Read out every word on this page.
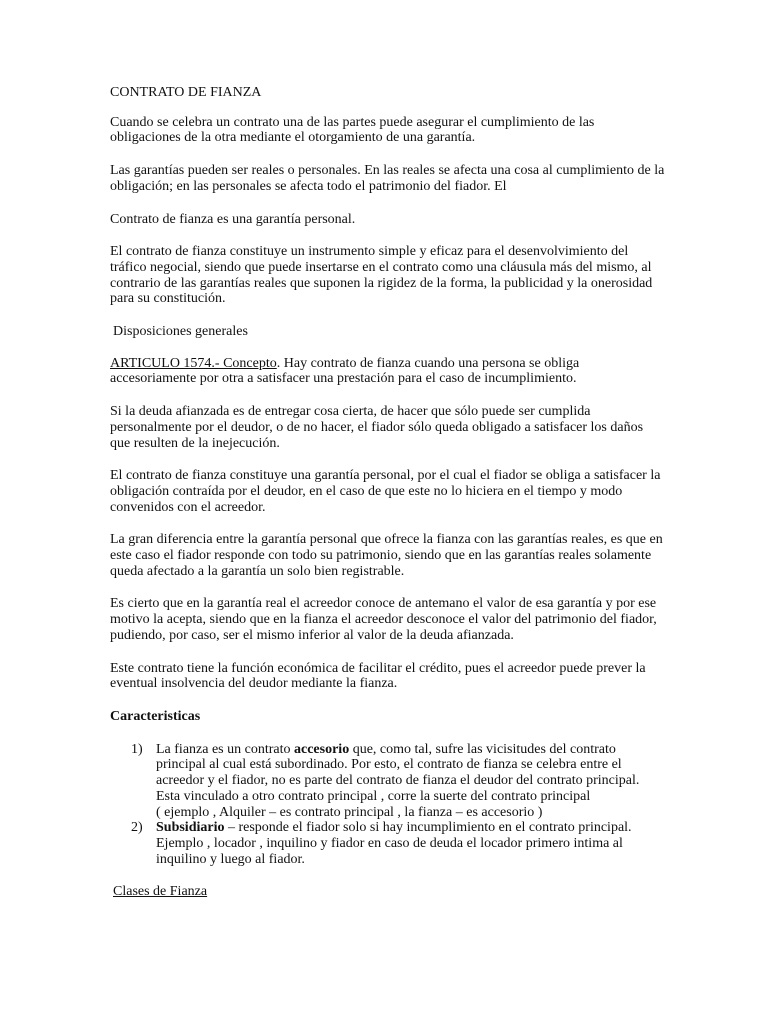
CONTRATO DE FIANZA

Cuando se celebra un contrato una de las partes puede asegurar el cumplimiento de las obligaciones de la otra mediante el otorgamiento de una garantía.

Las garantías pueden ser reales o personales. En las reales se afecta una cosa al cumplimiento de la obligación; en las personales se afecta todo el patrimonio del fiador. El

Contrato de fianza es una garantía personal.

El contrato de fianza constituye un instrumento simple y eficaz para el desenvolvimiento del tráfico negocial, siendo que puede insertarse en el contrato como una cláusula más del mismo, al contrario de las garantías reales que suponen la rigidez de la forma, la publicidad y la onerosidad para su constitución.

Disposiciones generales

ARTICULO 1574.- Concepto. Hay contrato de fianza cuando una persona se obliga accesoriamente por otra a satisfacer una prestación para el caso de incumplimiento.

Si la deuda afianzada es de entregar cosa cierta, de hacer que sólo puede ser cumplida personalmente por el deudor, o de no hacer, el fiador sólo queda obligado a satisfacer los daños que resulten de la inejecución.

El contrato de fianza constituye una garantía personal, por el cual el fiador se obliga a satisfacer la obligación contraída por el deudor, en el caso de que este no lo hiciera en el tiempo y modo convenidos con el acreedor.

La gran diferencia entre la garantía personal que ofrece la fianza con las garantías reales, es que en este caso el fiador responde con todo su patrimonio, siendo que en las garantías reales solamente queda afectado a la garantía un solo bien registrable.

Es cierto que en la garantía real el acreedor conoce de antemano el valor de esa garantía y por ese motivo la acepta, siendo que en la fianza el acreedor desconoce el valor del patrimonio del fiador, pudiendo, por caso, ser el mismo inferior al valor de la deuda afianzada.

Este contrato tiene la función económica de facilitar el crédito, pues el acreedor puede prever la eventual insolvencia del deudor mediante la fianza.

Caracteristicas

1) La fianza es un contrato accesorio que, como tal, sufre las vicisitudes del contrato principal al cual está subordinado. Por esto, el contrato de fianza se celebra entre el acreedor y el fiador, no es parte del contrato de fianza el deudor del contrato principal. Esta vinculado a otro contrato principal , corre la suerte del contrato principal
( ejemplo , Alquiler – es contrato principal , la fianza – es accesorio )
2) Subsidiario – responde el fiador solo si hay incumplimiento en el contrato principal. Ejemplo , locador , inquilino y fiador en caso de deuda el locador primero intima al inquilino y luego al fiador.

Clases de Fianza
